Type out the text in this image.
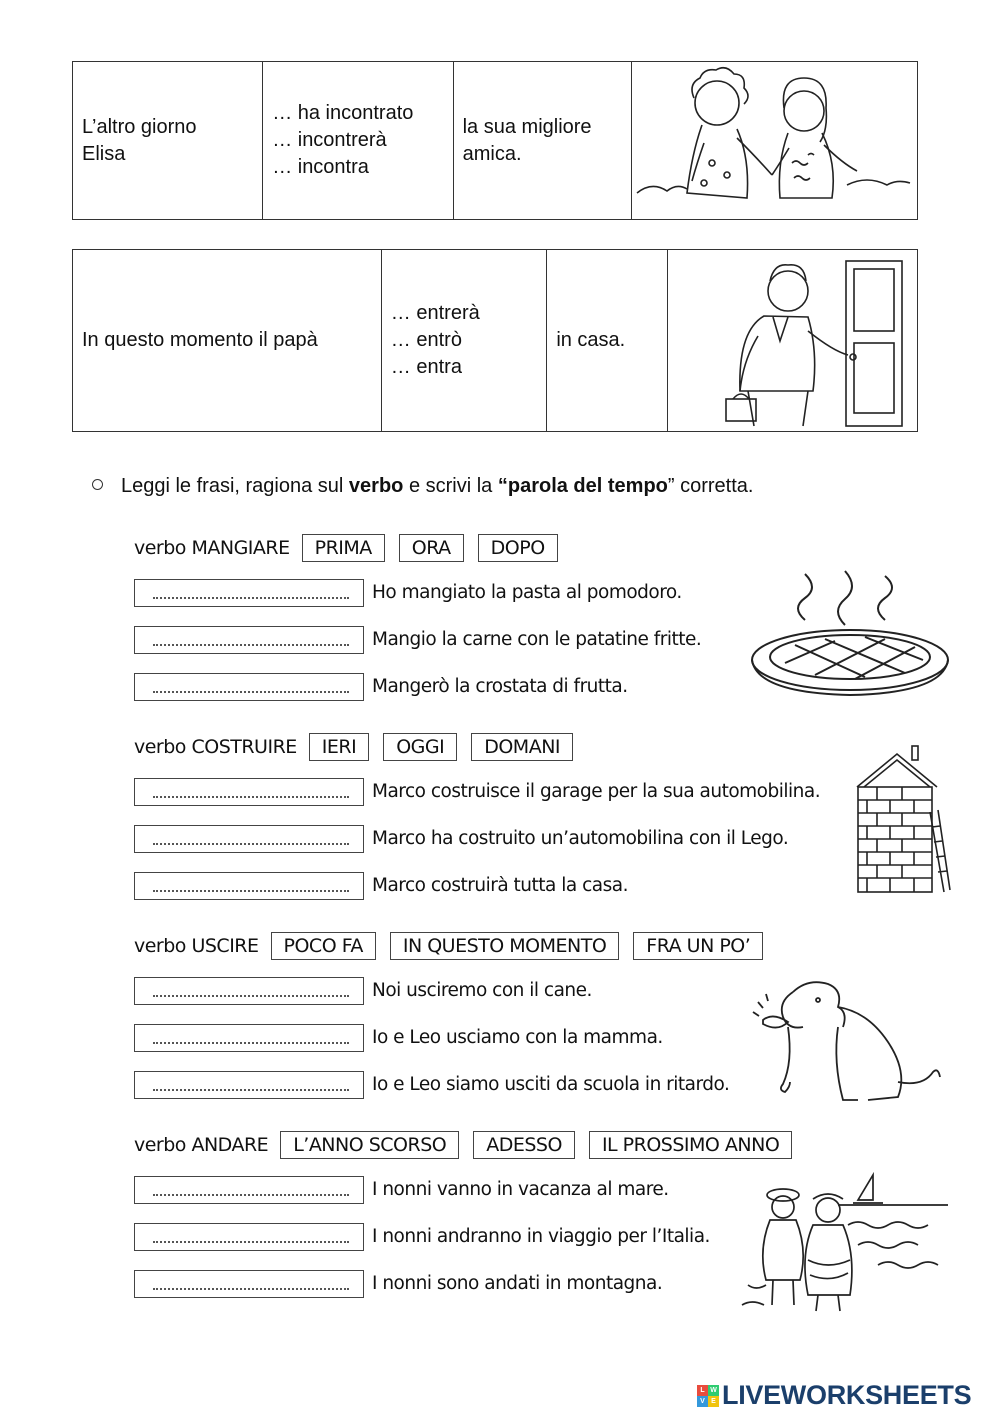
L’altro giorno
Elisa

… ha incontrato
… incontrerà
… incontra

la sua migliore
amica.

In questo momento il papà	
… entrerà
… entrò
… entra
	in casa.	
Leggi le frasi, ragiona sul verbo e scrivi la “parola del tempo” corretta.
verbo MANGIARE	PRIMA	ORA	DOPO
Ho mangiato la pasta al pomodoro.
Mangio la carne con le patatine fritte.
Mangerò la crostata di frutta.
verbo COSTRUIRE	IERI	OGGI	DOMANI
Marco costruisce il garage per la sua automobilina.
Marco ha costruito un’automobilina con il Lego.
Marco costruirà tutta la casa.
verbo USCIRE	POCO FA	IN QUESTO MOMENTO	FRA UN PO’
Noi usciremo con il cane.
Io e Leo usciamo con la mamma.
Io e Leo siamo usciti da scuola in ritardo.
verbo ANDARE	L’ANNO SCORSO	ADESSO	IL PROSSIMO ANNO
I nonni vanno in vacanza al mare.
I nonni andranno in viaggio per l’Italia.
I nonni sono andati in montagna.
L W
V E LIVEWORKSHEETS
